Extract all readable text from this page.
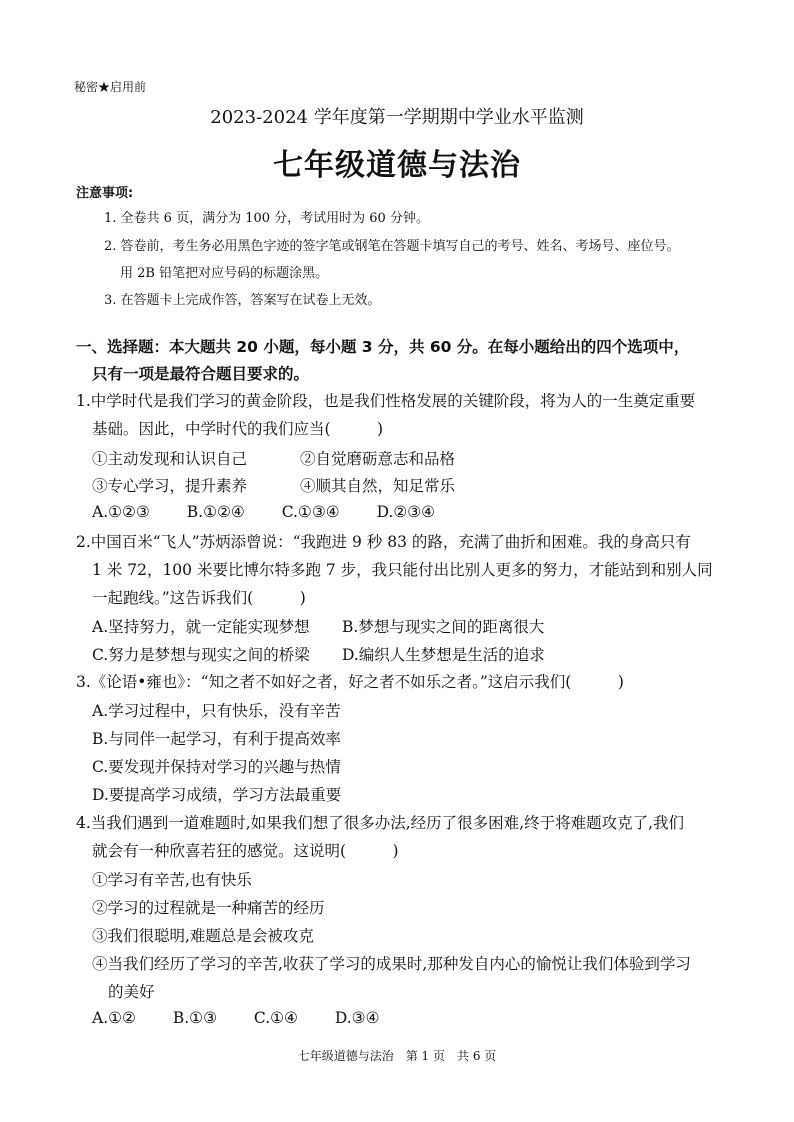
秘密★启用前
2023-2024 学年度第一学期期中学业水平监测
七年级道德与法治
注意事项:
1. 全卷共 6 页，满分为 100 分，考试用时为 60 分钟。
2. 答卷前，考生务必用黑色字迹的签字笔或钢笔在答题卡填写自己的考号、姓名、考场号、座位号。
用 2B 铅笔把对应号码的标题涂黑。
3. 在答题卡上完成作答，答案写在试卷上无效。
一、选择题：本大题共 20 小题，每小题 3 分，共 60 分。在每小题给出的四个选项中，
只有一项是最符合题目要求的。
1.中学时代是我们学习的黄金阶段，也是我们性格发展的关键阶段，将为人的一生奠定重要
基础。因此，中学时代的我们应当(　　　)
①主动发现和认识自己	②自觉磨砺意志和品格
③专心学习，提升素养	④顺其自然，知足常乐
A.①②③ B.①②④ C.①③④ D.②③④
2.中国百米“飞人”苏炳添曾说：“我跑进 9 秒 83 的路，充满了曲折和困难。我的身高只有
1 米 72，100 米要比博尔特多跑 7 步，我只能付出比别人更多的努力，才能站到和别人同
一起跑线。”这告诉我们(　　　)
A.坚持努力，就一定能实现梦想 B.梦想与现实之间的距离很大
C.努力是梦想与现实之间的桥梁 D.编织人生梦想是生活的追求
3.《论语•雍也》：“知之者不如好之者，好之者不如乐之者。”这启示我们(　　　)
A.学习过程中，只有快乐，没有辛苦
B.与同伴一起学习，有利于提高效率
C.要发现并保持对学习的兴趣与热情
D.要提高学习成绩，学习方法最重要
4.当我们遇到一道难题时,如果我们想了很多办法,经历了很多困难,终于将难题攻克了,我们
就会有一种欣喜若狂的感觉。这说明(　　　)
①学习有辛苦,也有快乐
②学习的过程就是一种痛苦的经历
③我们很聪明,难题总是会被攻克
④当我们经历了学习的辛苦,收获了学习的成果时,那种发自内心的愉悦让我们体验到学习
的美好
A.①② B.①③ C.①④ D.③④
七年级道德与法治　第 1 页　共 6 页
